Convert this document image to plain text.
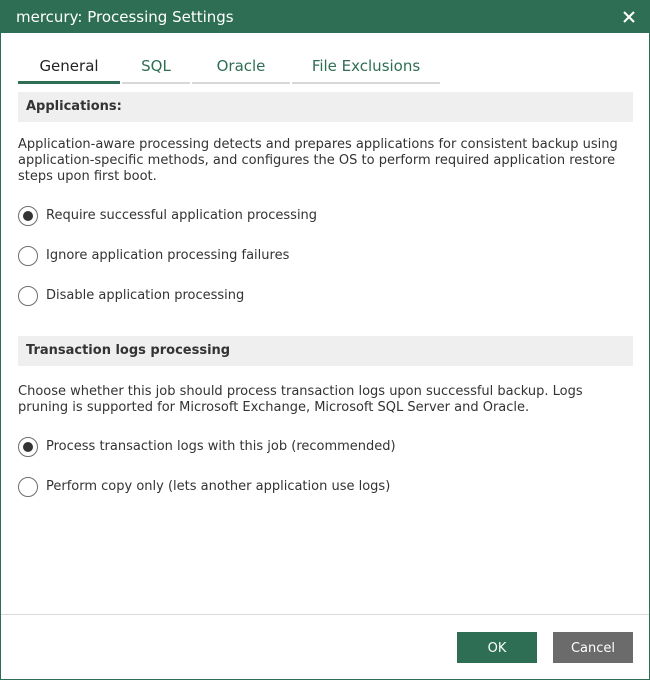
mercury: Processing Settings
General	SQL	Oracle	File Exclusions
Applications:
Application-aware processing detects and prepares applications for consistent backup using application-specific methods, and configures the OS to perform required application restore steps upon first boot.
Require successful application processing
Ignore application processing failures
Disable application processing
Transaction logs processing
Choose whether this job should process transaction logs upon successful backup. Logs pruning is supported for Microsoft Exchange, Microsoft SQL Server and Oracle.
Process transaction logs with this job (recommended)
Perform copy only (lets another application use logs)
OK	Cancel
